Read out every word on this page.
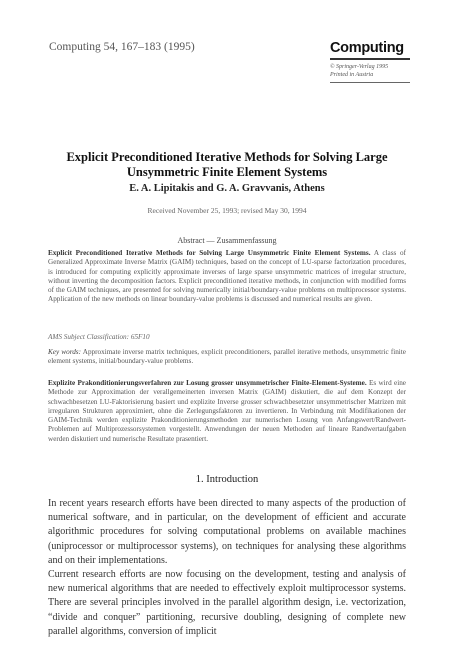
Computing 54, 167–183 (1995)	Computing
© Springer-Verlag 1995
Printed in Austria
Explicit Preconditioned Iterative Methods for Solving Large Unsymmetric Finite Element Systems
E. A. Lipitakis and G. A. Gravvanis, Athens
Received November 25, 1993; revised May 30, 1994
Abstract — Zusammenfassung
Explicit Preconditioned Iterative Methods for Solving Large Unsymmetric Finite Element Systems. A class of Generalized Approximate Inverse Matrix (GAIM) techniques, based on the concept of LU-sparse factorization procedures, is introduced for computing explicitly approximate inverses of large sparse unsymmetric matrices of irregular structure, without inverting the decomposition factors. Explicit preconditioned iterative methods, in conjunction with modified forms of the GAIM techniques, are presented for solving numerically initial/boundary-value problems on multiprocessor systems. Application of the new methods on linear boundary-value problems is discussed and numerical results are given.
AMS Subject Classification: 65F10
Key words: Approximate inverse matrix techniques, explicit preconditioners, parallel iterative methods, unsymmetric finite element systems, initial/boundary-value problems.
Explizite Prakonditionierungsverfahren zur Losung grosser unsymmetrischer Finite-Element-Systeme. Es wird eine Methode zur Approximation der verallgemeinerten inversen Matrix (GAIM) diskutiert, die auf dem Konzept der schwachbesetzen LU-Faktorisierung basiert und explizite Inverse grosser schwachbesetzter unsymmetrischer Matrizen mit irregularen Strukturen approximiert, ohne die Zerlegungsfaktoren zu invertieren. In Verbindung mit Modifikationen der GAIM-Technik werden explizite Prakonditionierungsmethoden zur numerischen Losung von Anfangswert/Randwert-Problemen auf Multiprozessorsystemen vorgestellt. Anwendungen der neuen Methoden auf lineare Randwertaufgaben werden diskutiert und numerische Resultate prasentiert.
1. Introduction
In recent years research efforts have been directed to many aspects of the production of numerical software, and in particular, on the development of efficient and accurate algorithmic procedures for solving computational problems on available machines (uniprocessor or multiprocessor systems), on techniques for analysing these algorithms and on their implementations.
Current research efforts are now focusing on the development, testing and analysis of new numerical algorithms that are needed to effectively exploit multiprocessor systems. There are several principles involved in the parallel algorithm design, i.e. vectorization, “divide and conquer” partitioning, recursive doubling, designing of complete new parallel algorithms, conversion of implicit
